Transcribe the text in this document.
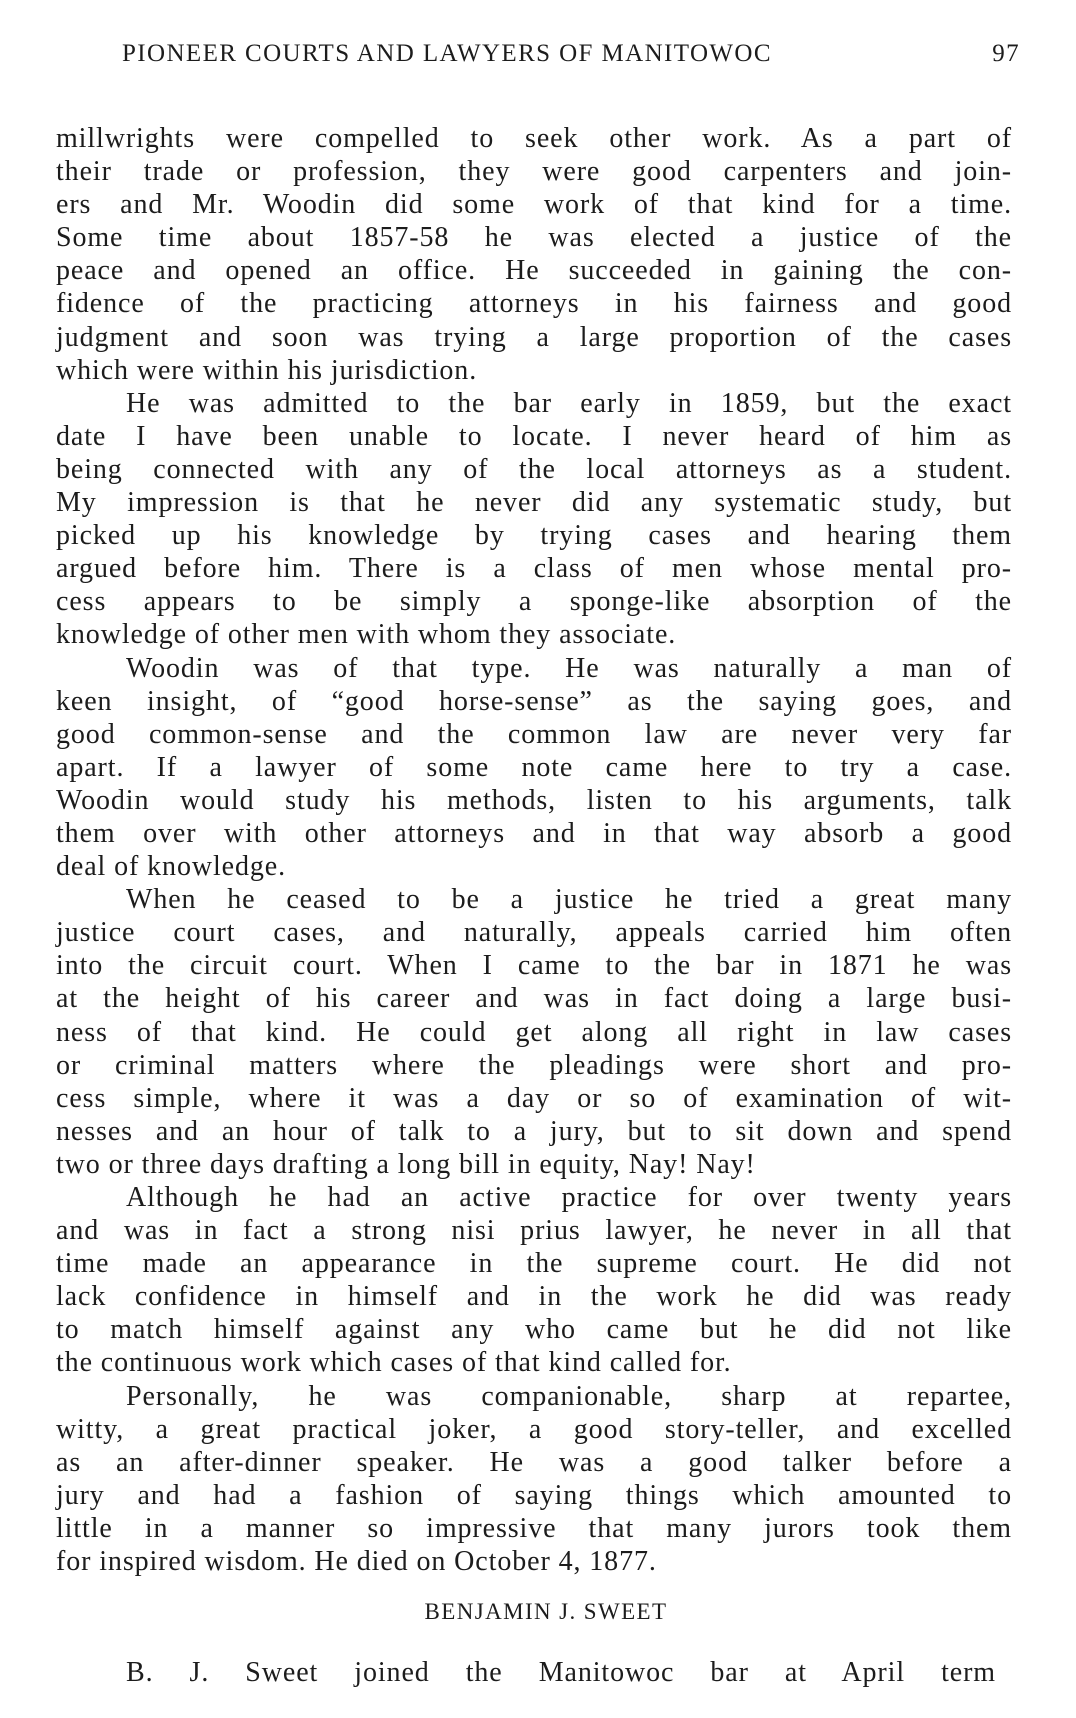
PIONEER COURTS AND LAWYERS OF MANITOWOC	97
millwrights were compelled to seek other work. As a part of
their trade or profession, they were good carpenters and join-
ers and Mr. Woodin did some work of that kind for a time.
Some time about 1857-58 he was elected a justice of the
peace and opened an office. He succeeded in gaining the con-
fidence of the practicing attorneys in his fairness and good
judgment and soon was trying a large proportion of the cases
which were within his jurisdiction.
He was admitted to the bar early in 1859, but the exact
date I have been unable to locate. I never heard of him as
being connected with any of the local attorneys as a student.
My impression is that he never did any systematic study, but
picked up his knowledge by trying cases and hearing them
argued before him. There is a class of men whose mental pro-
cess appears to be simply a sponge-like absorption of the
knowledge of other men with whom they associate.
Woodin was of that type. He was naturally a man of
keen insight, of “good horse-sense” as the saying goes, and
good common-sense and the common law are never very far
apart. If a lawyer of some note came here to try a case.
Woodin would study his methods, listen to his arguments, talk
them over with other attorneys and in that way absorb a good
deal of knowledge.
When he ceased to be a justice he tried a great many
justice court cases, and naturally, appeals carried him often
into the circuit court. When I came to the bar in 1871 he was
at the height of his career and was in fact doing a large busi-
ness of that kind. He could get along all right in law cases
or criminal matters where the pleadings were short and pro-
cess simple, where it was a day or so of examination of wit-
nesses and an hour of talk to a jury, but to sit down and spend
two or three days drafting a long bill in equity, Nay! Nay!
Although he had an active practice for over twenty years
and was in fact a strong nisi prius lawyer, he never in all that
time made an appearance in the supreme court. He did not
lack confidence in himself and in the work he did was ready
to match himself against any who came but he did not like
the continuous work which cases of that kind called for.
Personally, he was companionable, sharp at repartee,
witty, a great practical joker, a good story-teller, and excelled
as an after-dinner speaker. He was a good talker before a
jury and had a fashion of saying things which amounted to
little in a manner so impressive that many jurors took them
for inspired wisdom. He died on October 4, 1877.
BENJAMIN J. SWEET
B. J. Sweet joined the Manitowoc bar at April term
